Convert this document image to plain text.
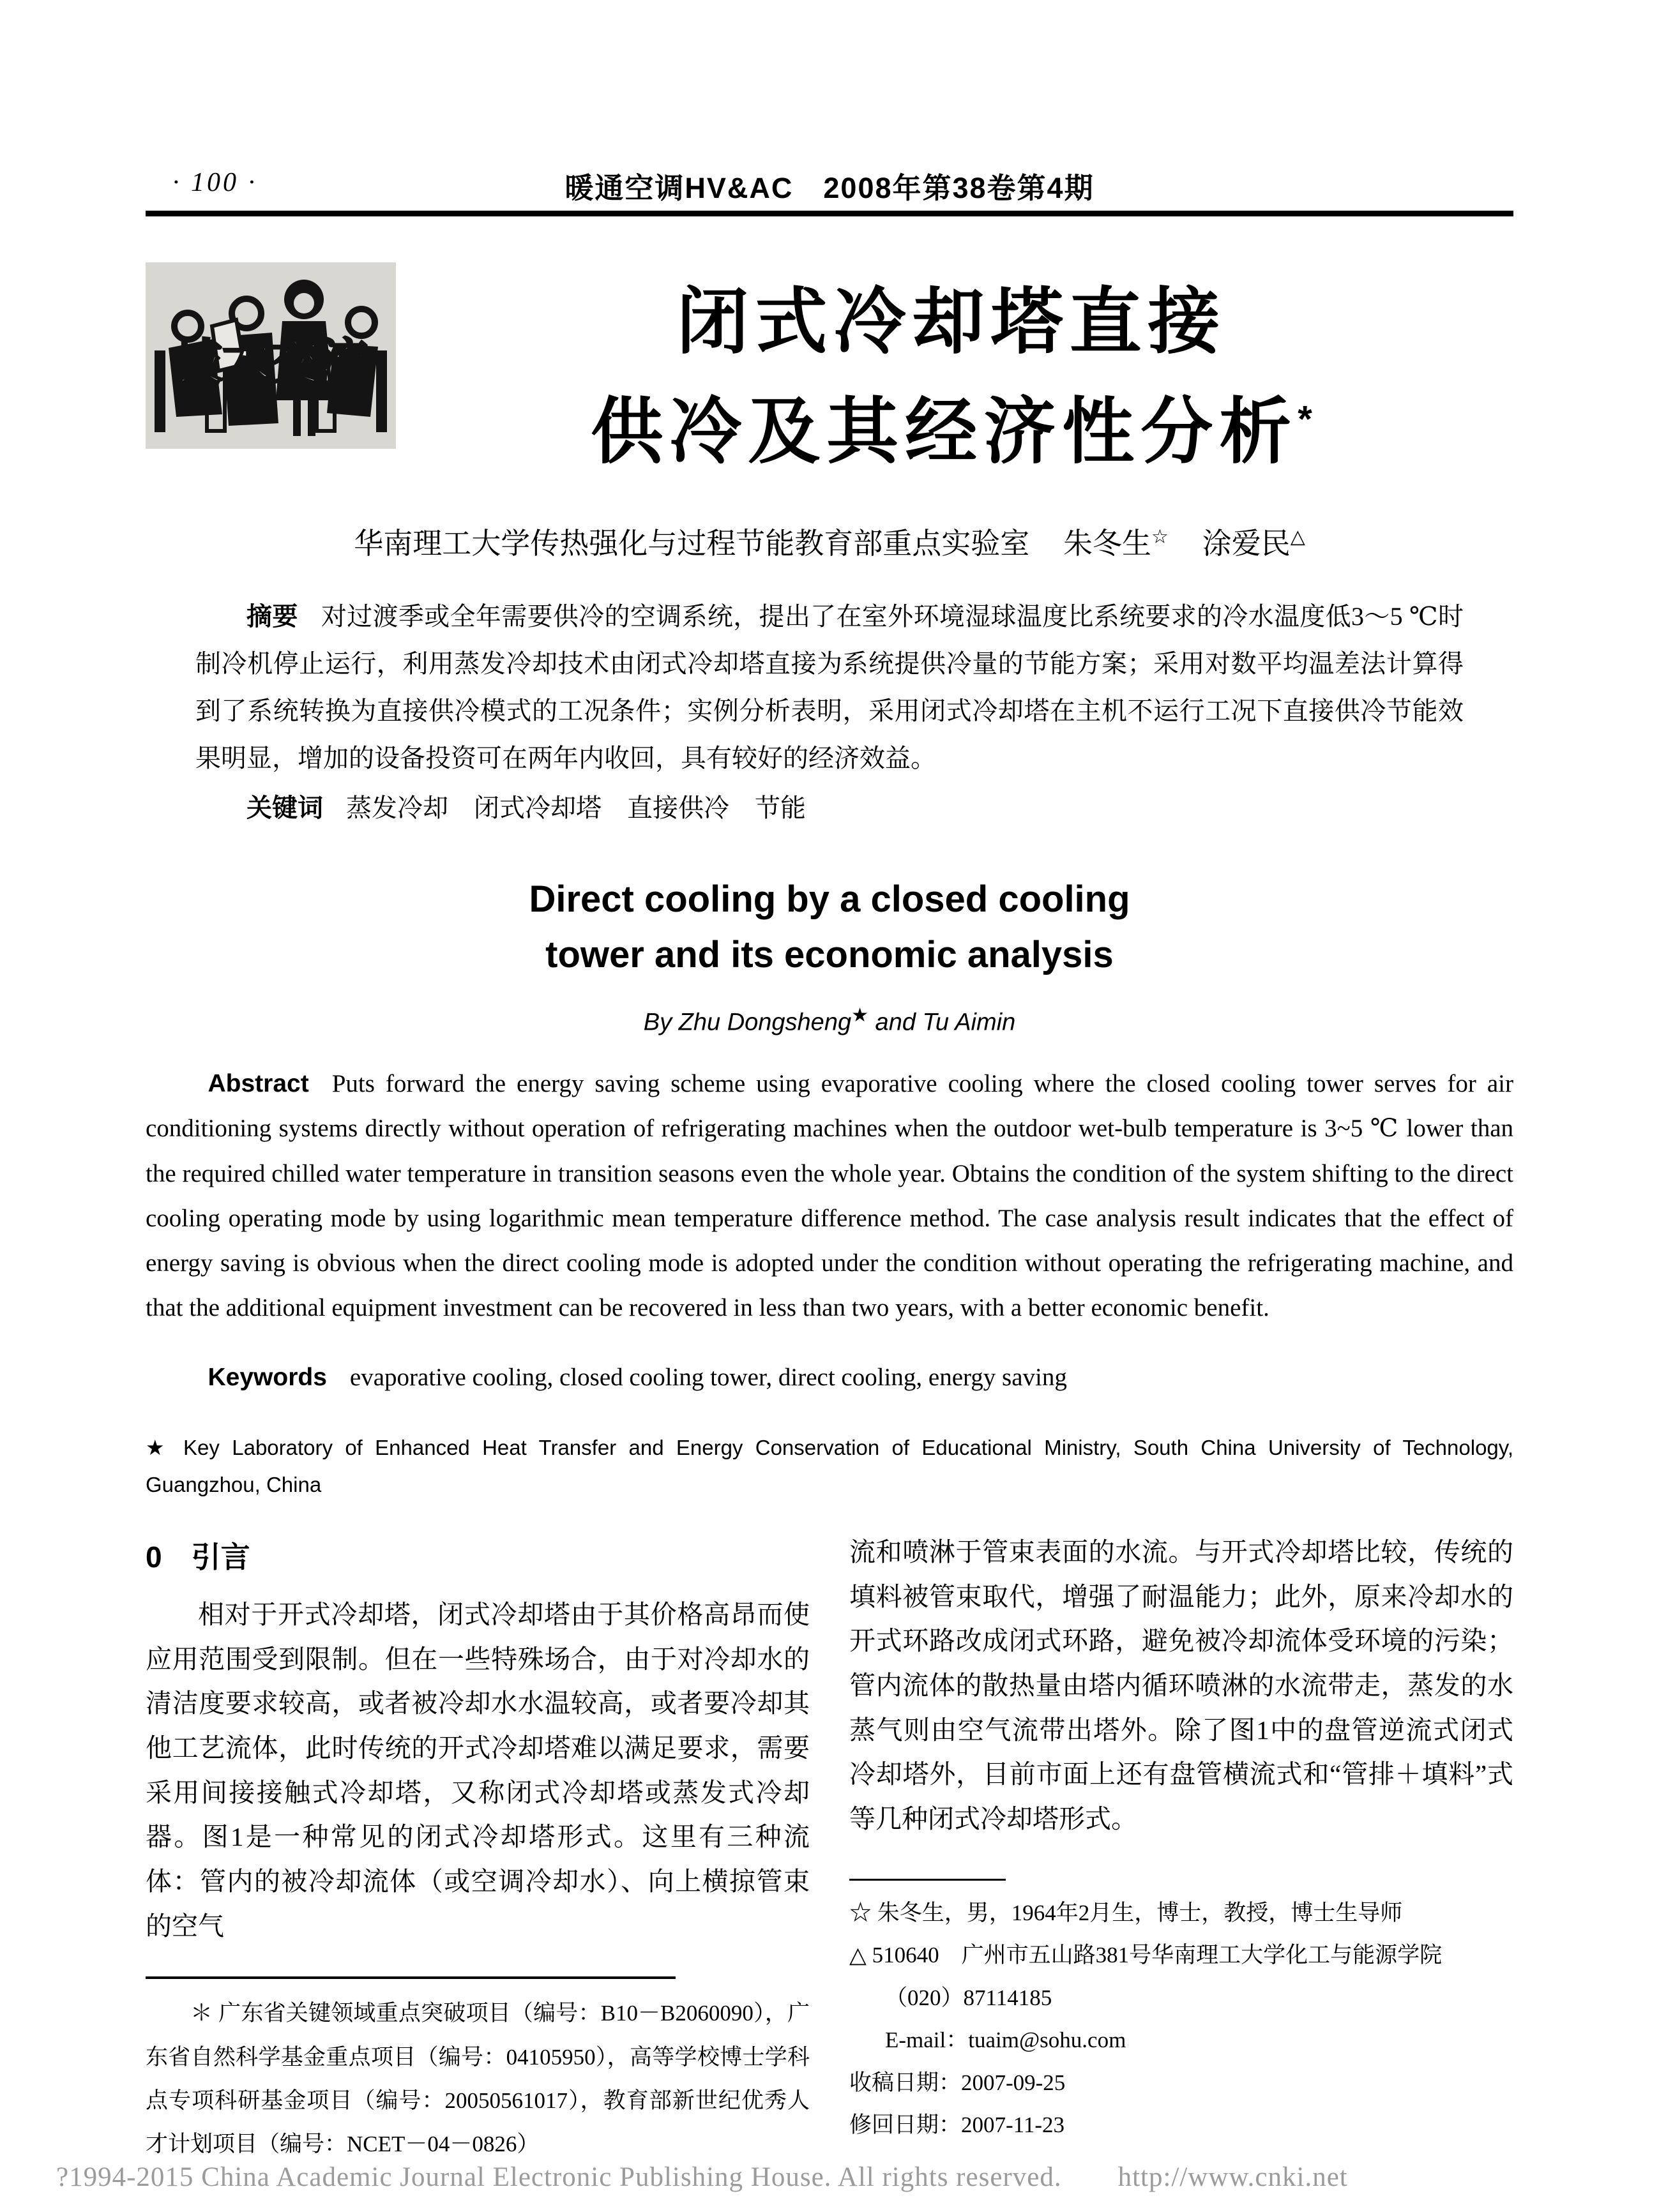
· 100 ·	暖通空调HV&AC　2008年第38卷第4期
技术交流
闭式冷却塔直接
供冷及其经济性分析*
华南理工大学传热强化与过程节能教育部重点实验室 朱冬生☆ 涂爱民△

摘要 对过渡季或全年需要供冷的空调系统，提出了在室外环境湿球温度比系统要求的冷水温度低3～5 ℃时制冷机停止运行，利用蒸发冷却技术由闭式冷却塔直接为系统提供冷量的节能方案；采用对数平均温差法计算得到了系统转换为直接供冷模式的工况条件；实例分析表明，采用闭式冷却塔在主机不运行工况下直接供冷节能效果明显，增加的设备投资可在两年内收回，具有较好的经济效益。

关键词 蒸发冷却　闭式冷却塔　直接供冷　节能

Direct cooling by a closed cooling
tower and its economic analysis
By Zhu Dongsheng★ and Tu Aimin

Abstract Puts forward the energy saving scheme using evaporative cooling where the closed cooling tower serves for air conditioning systems directly without operation of refrigerating machines when the outdoor wet-bulb temperature is 3~5 ℃ lower than the required chilled water temperature in transition seasons even the whole year. Obtains the condition of the system shifting to the direct cooling operating mode by using logarithmic mean temperature difference method. The case analysis result indicates that the effect of energy saving is obvious when the direct cooling mode is adopted under the condition without operating the refrigerating machine, and that the additional equipment investment can be recovered in less than two years, with a better economic benefit.

Keywords evaporative cooling, closed cooling tower, direct cooling, energy saving

★ Key Laboratory of Enhanced Heat Transfer and Energy Conservation of Educational Ministry, South China University of Technology, Guangzhou, China
0　引言

相对于开式冷却塔，闭式冷却塔由于其价格高昂而使应用范围受到限制。但在一些特殊场合，由于对冷却水的清洁度要求较高，或者被冷却水水温较高，或者要冷却其他工艺流体，此时传统的开式冷却塔难以满足要求，需要采用间接接触式冷却塔，又称闭式冷却塔或蒸发式冷却器。图1是一种常见的闭式冷却塔形式。这里有三种流体：管内的被冷却流体（或空调冷却水）、向上横掠管束的空气

＊ 广东省关键领域重点突破项目（编号：B10－B2060090），广东省自然科学基金重点项目（编号：04105950），高等学校博士学科点专项科研基金项目（编号：20050561017），教育部新世纪优秀人才计划项目（编号：NCET－04－0826）

流和喷淋于管束表面的水流。与开式冷却塔比较，传统的填料被管束取代，增强了耐温能力；此外，原来冷却水的开式环路改成闭式环路，避免被冷却流体受环境的污染；管内流体的散热量由塔内循环喷淋的水流带走，蒸发的水蒸气则由空气流带出塔外。除了图1中的盘管逆流式闭式冷却塔外，目前市面上还有盘管横流式和“管排＋填料”式等几种闭式冷却塔形式。

☆ 朱冬生，男，1964年2月生，博士，教授，博士生导师
△ 510640　广州市五山路381号华南理工大学化工与能源学院
（020）87114185
E-mail：tuaim@sohu.com
收稿日期：2007-09-25
修回日期：2007-11-23
?1994-2015 China Academic Journal Electronic Publishing House. All rights reserved.　　http://www.cnki.net
